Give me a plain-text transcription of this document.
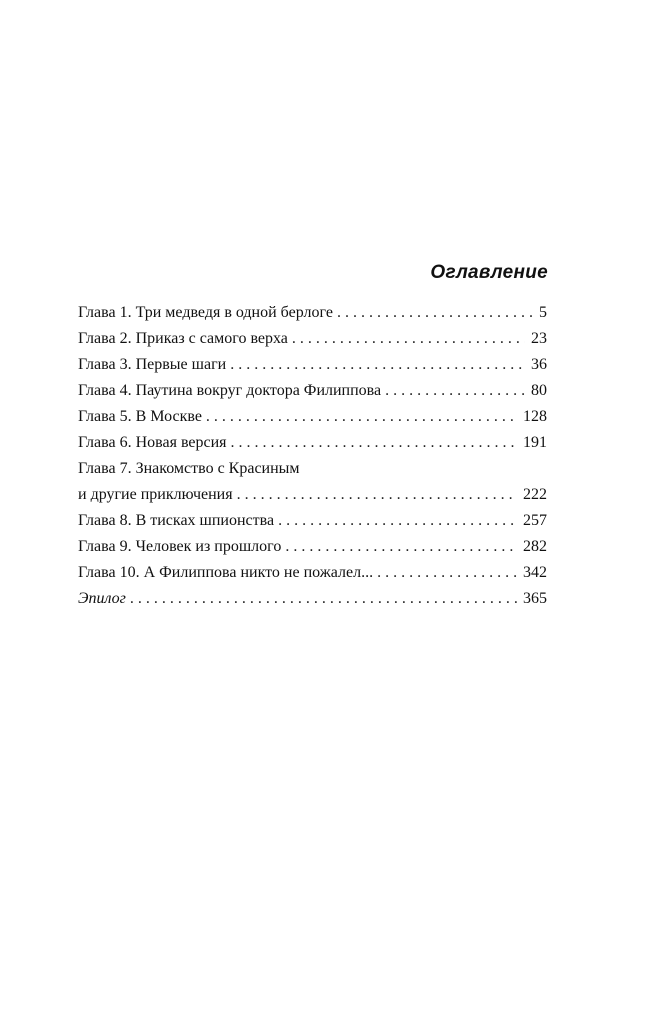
Оглавление
Глава 1. Три медведя в одной берлоге . . .	5
Глава 2. Приказ с самого верха . . .	23
Глава 3. Первые шаги . . .	36
Глава 4. Паутина вокруг доктора Филиппова . . .	80
Глава 5. В Москве . . .	128
Глава 6. Новая версия . . .	191
Глава 7. Знакомство с Красиным
и другие приключения . . .	222
Глава 8. В тисках шпионства . . .	257
Глава 9. Человек из прошлого . . .	282
Глава 10. А Филиппова никто не пожалел... . . .	342
Эпилог . . .	365
